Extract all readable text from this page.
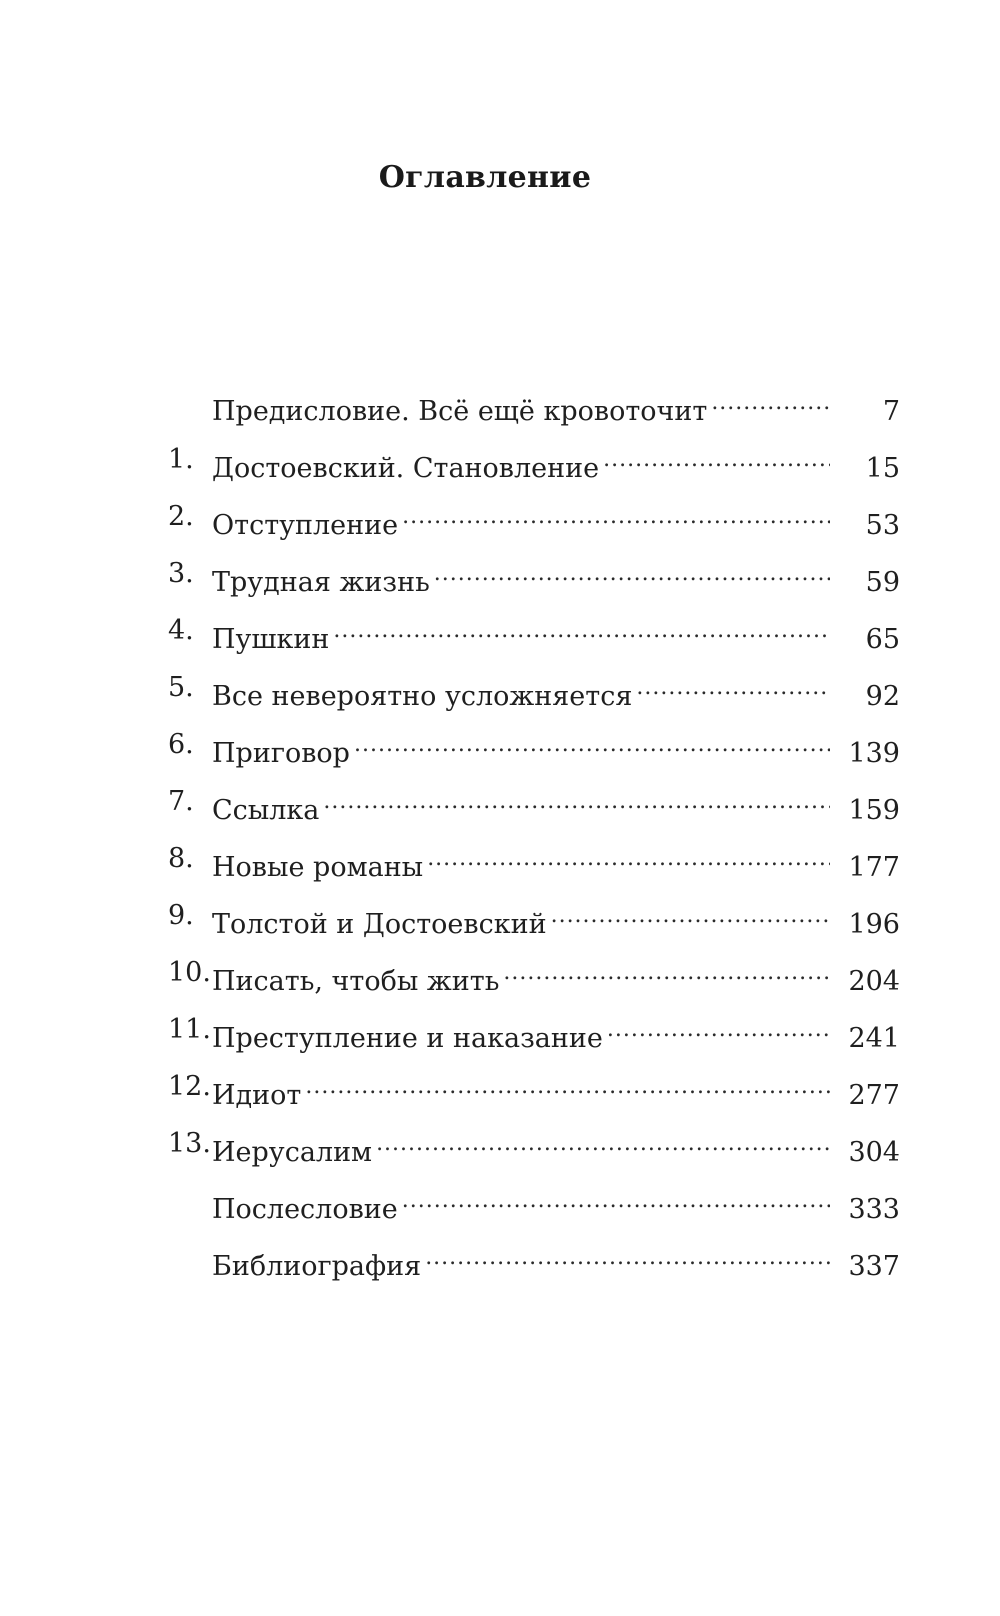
Оглавление
Предисловие. Всё ещё кровоточит .....	7
1. Достоевский. Становление .....	15
2. Отступление .....	53
3. Трудная жизнь .....	59
4. Пушкин .....	65
5. Все невероятно усложняется .....	92
6. Приговор .....	139
7. Ссылка .....	159
8. Новые романы .....	177
9. Толстой и Достоевский .....	196
10. Писать, чтобы жить .....	204
11. Преступление и наказание .....	241
12. Идиот .....	277
13. Иерусалим .....	304
Послесловие .....	333
Библиография .....	337
